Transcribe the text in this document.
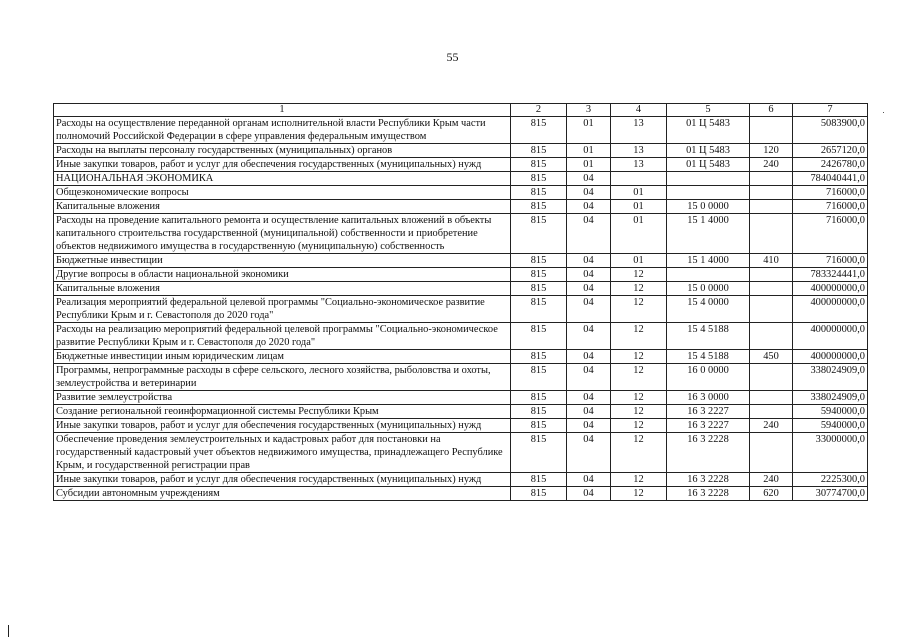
55
1	2	3	4	5	6	7
Расходы на осуществление переданной органам исполнительной власти Республики Крым части полномочий Российской Федерации в сфере управления федеральным имуществом	815	01	13	01 Ц 5483		5083900,0
Расходы на выплаты персоналу государственных (муниципальных) органов	815	01	13	01 Ц 5483	120	2657120,0
Иные закупки товаров, работ и услуг для обеспечения государственных (муниципальных) нужд	815	01	13	01 Ц 5483	240	2426780,0
НАЦИОНАЛЬНАЯ ЭКОНОМИКА	815	04				784040441,0
Общеэкономические вопросы	815	04	01			716000,0
Капитальные вложения	815	04	01	15 0 0000		716000,0
Расходы на проведение капитального ремонта и осуществление капитальных вложений в объекты капитального строительства государственной (муниципальной) собственности и приобретение объектов недвижимого имущества в государственную (муниципальную) собственность	815	04	01	15 1 4000		716000,0
Бюджетные инвестиции	815	04	01	15 1 4000	410	716000,0
Другие вопросы в области национальной экономики	815	04	12			783324441,0
Капитальные вложения	815	04	12	15 0 0000		400000000,0
Реализация мероприятий федеральной целевой программы "Социально-экономическое развитие Республики Крым и г. Севастополя до 2020 года"	815	04	12	15 4 0000		400000000,0
Расходы на реализацию мероприятий федеральной целевой программы "Социально-экономическое развитие Республики Крым и г. Севастополя до 2020 года"	815	04	12	15 4 5188		400000000,0
Бюджетные инвестиции иным юридическим лицам	815	04	12	15 4 5188	450	400000000,0
Программы, непрограммные расходы в сфере сельского, лесного хозяйства, рыболовства и охоты, землеустройства и ветеринарии	815	04	12	16 0 0000		338024909,0
Развитие землеустройства	815	04	12	16 3 0000		338024909,0
Создание региональной геоинформационной системы Республики Крым	815	04	12	16 3 2227		5940000,0
Иные закупки товаров, работ и услуг для обеспечения государственных (муниципальных) нужд	815	04	12	16 3 2227	240	5940000,0
Обеспечение проведения землеустроительных и кадастровых работ для постановки на государственный кадастровый учет объектов недвижимого имущества, принадлежащего Республике Крым, и государственной регистрации прав	815	04	12	16 3 2228		33000000,0
Иные закупки товаров, работ и услуг для обеспечения государственных (муниципальных) нужд	815	04	12	16 3 2228	240	2225300,0
Субсидии автономным учреждениям	815	04	12	16 3 2228	620	30774700,0
